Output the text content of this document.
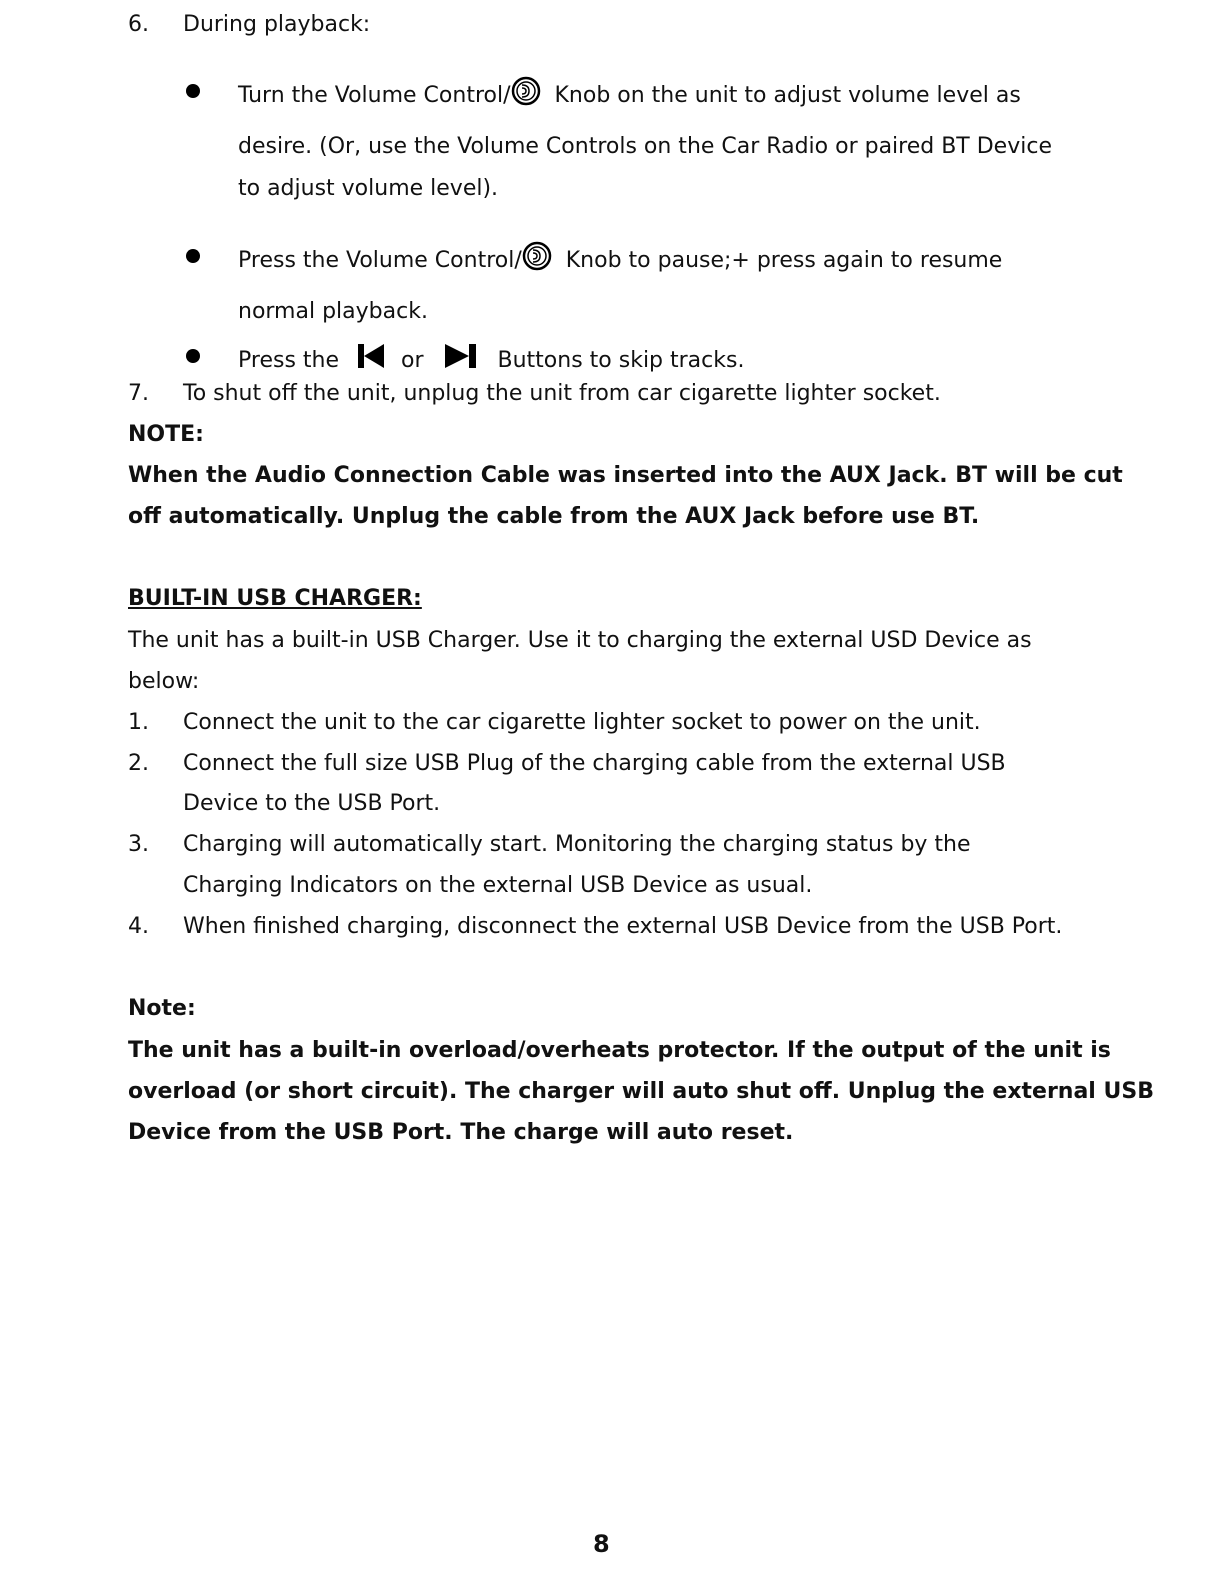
6. During playback:
Turn the Volume Control/ Knob on the unit to adjust volume level as
desire. (Or, use the Volume Controls on the Car Radio or paired BT Device
to adjust volume level).
Press the Volume Control/ Knob to pause;+ press again to resume
normal playback.
Press the	or	Buttons to skip tracks.
7. To shut off the unit, unplug the unit from car cigarette lighter socket.
NOTE:
When the Audio Connection Cable was inserted into the AUX Jack. BT will be cut
off automatically. Unplug the cable from the AUX Jack before use BT.
BUILT-IN USB CHARGER:
The unit has a built-in USB Charger. Use it to charging the external USD Device as
below:
1. Connect the unit to the car cigarette lighter socket to power on the unit.
2. Connect the full size USB Plug of the charging cable from the external USB
Device to the USB Port.
3. Charging will automatically start. Monitoring the charging status by the
Charging Indicators on the external USB Device as usual.
4. When finished charging, disconnect the external USB Device from the USB Port.
Note:
The unit has a built-in overload/overheats protector. If the output of the unit is
overload (or short circuit). The charger will auto shut off. Unplug the external USB
Device from the USB Port. The charge will auto reset.
8
